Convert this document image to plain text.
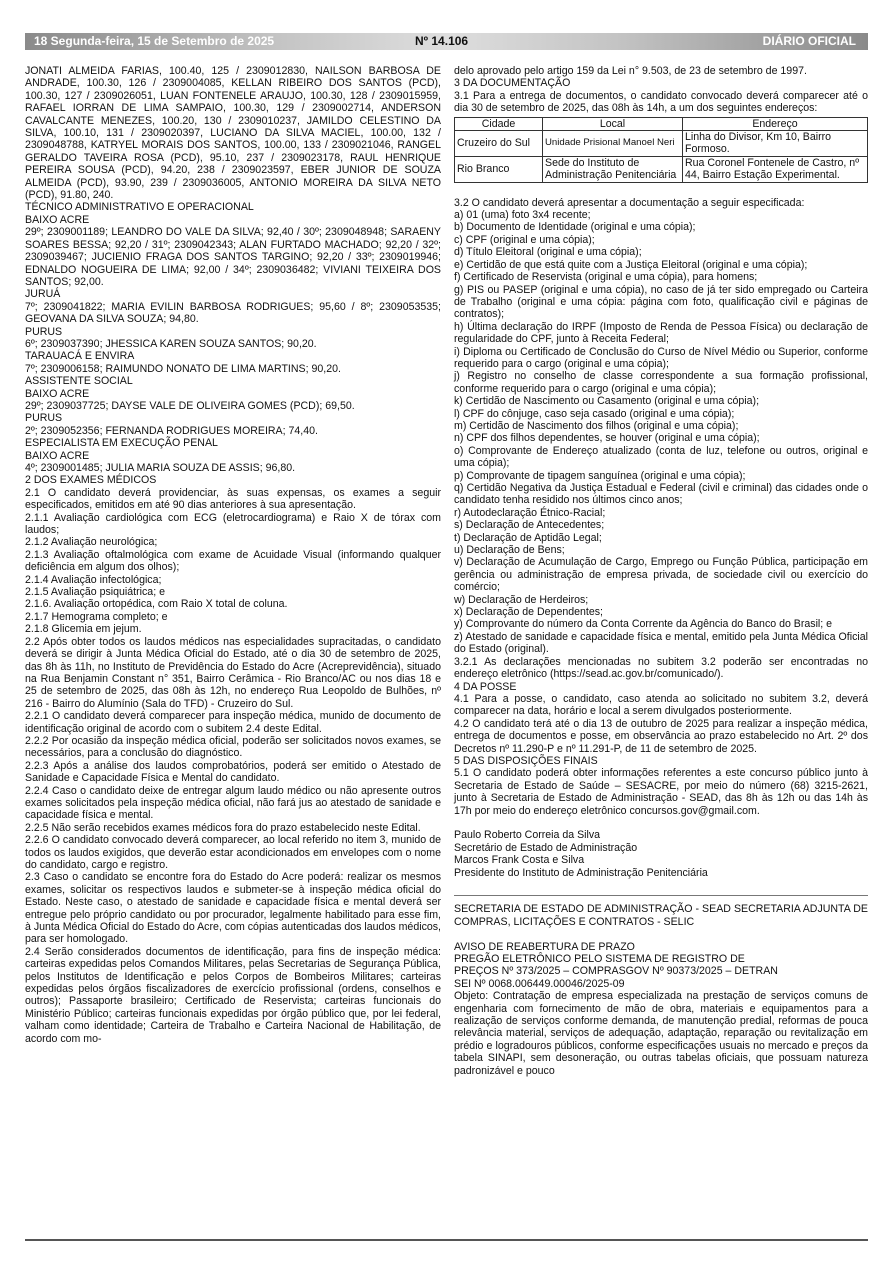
18 Segunda-feira, 15 de Setembro de 2025	Nº 14.106	DIÁRIO OFICIAL

JONATI ALMEIDA FARIAS, 100.40, 125 / 2309012830, NAILSON BARBOSA DE ANDRADE, 100.30, 126 / 2309004085, KELLAN RIBEIRO DOS SANTOS (PCD), 100.30, 127 / 2309026051, LUAN FONTENELE ARAUJO, 100.30, 128 / 2309015959, RAFAEL IORRAN DE LIMA SAMPAIO, 100.30, 129 / 2309002714, ANDERSON CAVALCANTE MENEZES, 100.20, 130 / 2309010237, JAMILDO CELESTINO DA SILVA, 100.10, 131 / 2309020397, LUCIANO DA SILVA MACIEL, 100.00, 132 / 2309048788, KATRYEL MORAIS DOS SANTOS, 100.00, 133 / 2309021046, RANGEL GERALDO TAVEIRA ROSA (PCD), 95.10, 237 / 2309023178, RAUL HENRIQUE PEREIRA SOUSA (PCD), 94.20, 238 / 2309023597, EBER JUNIOR DE SOUZA ALMEIDA (PCD), 93.90, 239 / 2309036005, ANTONIO MOREIRA DA SILVA NETO (PCD), 91.80, 240.

TÉCNICO ADMINISTRATIVO E OPERACIONAL

BAIXO ACRE

29º; 2309001189; LEANDRO DO VALE DA SILVA; 92,40 / 30º; 2309048948; SARAENY SOARES BESSA; 92,20 / 31º; 2309042343; ALAN FURTADO MACHADO; 92,20 / 32º; 2309039467; JUCIENIO FRAGA DOS SANTOS TARGINO; 92,20 / 33º; 2309019946; EDNALDO NOGUEIRA DE LIMA; 92,00 / 34º; 2309036482; VIVIANI TEIXEIRA DOS SANTOS; 92,00.

JURUÁ

7º; 2309041822; MARIA EVILIN BARBOSA RODRIGUES; 95,60 / 8º; 2309053535; GEOVANA DA SILVA SOUZA; 94,80.

PURUS

6º; 2309037390; JHESSICA KAREN SOUZA SANTOS; 90,20.

TARAUACÁ E ENVIRA

7º; 2309006158; RAIMUNDO NONATO DE LIMA MARTINS; 90,20.

ASSISTENTE SOCIAL

BAIXO ACRE

29º; 2309037725; DAYSE VALE DE OLIVEIRA GOMES (PCD); 69,50.

PURUS

2º; 2309052356; FERNANDA RODRIGUES MOREIRA; 74,40.

ESPECIALISTA EM EXECUÇÃO PENAL

BAIXO ACRE

4º; 2309001485; JULIA MARIA SOUZA DE ASSIS; 96,80.

2 DOS EXAMES MÉDICOS

2.1 O candidato deverá providenciar, às suas expensas, os exames a seguir especificados, emitidos em até 90 dias anteriores à sua apresentação.

2.1.1 Avaliação cardiológica com ECG (eletrocardiograma) e Raio X de tórax com laudos;

2.1.2 Avaliação neurológica;

2.1.3 Avaliação oftalmológica com exame de Acuidade Visual (informando qualquer deficiência em algum dos olhos);

2.1.4 Avaliação infectológica;

2.1.5 Avaliação psiquiátrica; e

2.1.6. Avaliação ortopédica, com Raio X total de coluna.

2.1.7 Hemograma completo; e

2.1.8 Glicemia em jejum.

2.2 Após obter todos os laudos médicos nas especialidades supracitadas, o candidato deverá se dirigir à Junta Médica Oficial do Estado, até o dia 30 de setembro de 2025, das 8h às 11h, no Instituto de Previdência do Estado do Acre (Acreprevidência), situado na Rua Benjamin Constant n° 351, Bairro Cerâmica - Rio Branco/AC ou nos dias 18 e 25 de setembro de 2025, das 08h às 12h, no endereço Rua Leopoldo de Bulhões, nº 216 - Bairro do Alumínio (Sala do TFD) - Cruzeiro do Sul.

2.2.1 O candidato deverá comparecer para inspeção médica, munido de documento de identificação original de acordo com o subitem 2.4 deste Edital.

2.2.2 Por ocasião da inspeção médica oficial, poderão ser solicitados novos exames, se necessários, para a conclusão do diagnóstico.

2.2.3 Após a análise dos laudos comprobatórios, poderá ser emitido o Atestado de Sanidade e Capacidade Física e Mental do candidato.

2.2.4 Caso o candidato deixe de entregar algum laudo médico ou não apresente outros exames solicitados pela inspeção médica oficial, não fará jus ao atestado de sanidade e capacidade física e mental.

2.2.5 Não serão recebidos exames médicos fora do prazo estabelecido neste Edital.

2.2.6 O candidato convocado deverá comparecer, ao local referido no item 3, munido de todos os laudos exigidos, que deverão estar acondicionados em envelopes com o nome do candidato, cargo e registro.

2.3 Caso o candidato se encontre fora do Estado do Acre poderá: realizar os mesmos exames, solicitar os respectivos laudos e submeter-se à inspeção médica oficial do Estado. Neste caso, o atestado de sanidade e capacidade física e mental deverá ser entregue pelo próprio candidato ou por procurador, legalmente habilitado para esse fim, à Junta Médica Oficial do Estado do Acre, com cópias autenticadas dos laudos médicos, para ser homologado.

2.4 Serão considerados documentos de identificação, para fins de inspeção médica: carteiras expedidas pelos Comandos Militares, pelas Secretarias de Segurança Pública, pelos Institutos de Identificação e pelos Corpos de Bombeiros Militares; carteiras expedidas pelos órgãos fiscalizadores de exercício profissional (ordens, conselhos e outros); Passaporte brasileiro; Certificado de Reservista; carteiras funcionais do Ministério Público; carteiras funcionais expedidas por órgão público que, por lei federal, valham como identidade; Carteira de Trabalho e Carteira Nacional de Habilitação, de acordo com mo-

delo aprovado pelo artigo 159 da Lei n° 9.503, de 23 de setembro de 1997.

3 DA DOCUMENTAÇÃO

3.1 Para a entrega de documentos, o candidato convocado deverá comparecer até o dia 30 de setembro de 2025, das 08h às 14h, a um dos seguintes endereços:

Cidade	Local	Endereço
Cruzeiro do Sul	Unidade Prisional Manoel Neri	Linha do Divisor, Km 10, Bairro Formoso.
Rio Branco	Sede do Instituto de Administração Penitenciária	Rua Coronel Fontenele de Castro, nº 44, Bairro Estação Experimental.

3.2 O candidato deverá apresentar a documentação a seguir especificada:

a) 01 (uma) foto 3x4 recente;

b) Documento de Identidade (original e uma cópia);

c) CPF (original e uma cópia);

d) Título Eleitoral (original e uma cópia);

e) Certidão de que está quite com a Justiça Eleitoral (original e uma cópia);

f) Certificado de Reservista (original e uma cópia), para homens;

g) PIS ou PASEP (original e uma cópia), no caso de já ter sido empregado ou Carteira de Trabalho (original e uma cópia: página com foto, qualificação civil e páginas de contratos);

h) Última declaração do IRPF (Imposto de Renda de Pessoa Física) ou declaração de regularidade do CPF, junto à Receita Federal;

i) Diploma ou Certificado de Conclusão do Curso de Nível Médio ou Superior, conforme requerido para o cargo (original e uma cópia);

j) Registro no conselho de classe correspondente a sua formação profissional, conforme requerido para o cargo (original e uma cópia);

k) Certidão de Nascimento ou Casamento (original e uma cópia);

l) CPF do cônjuge, caso seja casado (original e uma cópia);

m) Certidão de Nascimento dos filhos (original e uma cópia);

n) CPF dos filhos dependentes, se houver (original e uma cópia);

o) Comprovante de Endereço atualizado (conta de luz, telefone ou outros, original e uma cópia);

p) Comprovante de tipagem sanguínea (original e uma cópia);

q) Certidão Negativa da Justiça Estadual e Federal (civil e criminal) das cidades onde o candidato tenha residido nos últimos cinco anos;

r) Autodeclaração Étnico-Racial;

s) Declaração de Antecedentes;

t) Declaração de Aptidão Legal;

u) Declaração de Bens;

v) Declaração de Acumulação de Cargo, Emprego ou Função Pública, participação em gerência ou administração de empresa privada, de sociedade civil ou exercício do comércio;

w) Declaração de Herdeiros;

x) Declaração de Dependentes;

y) Comprovante do número da Conta Corrente da Agência do Banco do Brasil; e

z) Atestado de sanidade e capacidade física e mental, emitido pela Junta Médica Oficial do Estado (original).

3.2.1 As declarações mencionadas no subitem 3.2 poderão ser encontradas no endereço eletrônico (https://sead.ac.gov.br/comunicado/).

4 DA POSSE

4.1 Para a posse, o candidato, caso atenda ao solicitado no subitem 3.2, deverá comparecer na data, horário e local a serem divulgados posteriormente.

4.2 O candidato terá até o dia 13 de outubro de 2025 para realizar a inspeção médica, entrega de documentos e posse, em observância ao prazo estabelecido no Art. 2º dos Decretos nº 11.290-P e nº 11.291-P, de 11 de setembro de 2025.

5 DAS DISPOSIÇÕES FINAIS

5.1 O candidato poderá obter informações referentes a este concurso público junto à Secretaria de Estado de Saúde – SESACRE, por meio do número (68) 3215-2621, junto à Secretaria de Estado de Administração - SEAD, das 8h às 12h ou das 14h às 17h por meio do endereço eletrônico concursos.gov@gmail.com.

Paulo Roberto Correia da Silva

Secretário de Estado de Administração

Marcos Frank Costa e Silva

Presidente do Instituto de Administração Penitenciária

SECRETARIA DE ESTADO DE ADMINISTRAÇÃO - SEAD SECRETARIA ADJUNTA DE COMPRAS, LICITAÇÕES E CONTRATOS - SELIC

AVISO DE REABERTURA DE PRAZO

PREGÃO ELETRÔNICO PELO SISTEMA DE REGISTRO DE

PREÇOS Nº 373/2025 – COMPRASGOV Nº 90373/2025 – DETRAN

SEI Nº 0068.006449.00046/2025-09

Objeto: Contratação de empresa especializada na prestação de serviços comuns de engenharia com fornecimento de mão de obra, materiais e equipamentos para a realização de serviços conforme demanda, de manutenção predial, reformas de pouca relevância material, serviços de adequação, adaptação, reparação ou revitalização em prédio e logradouros públicos, conforme especificações usuais no mercado e preços da tabela SINAPI, sem desoneração, ou outras tabelas oficiais, que possuam natureza padronizável e pouco
